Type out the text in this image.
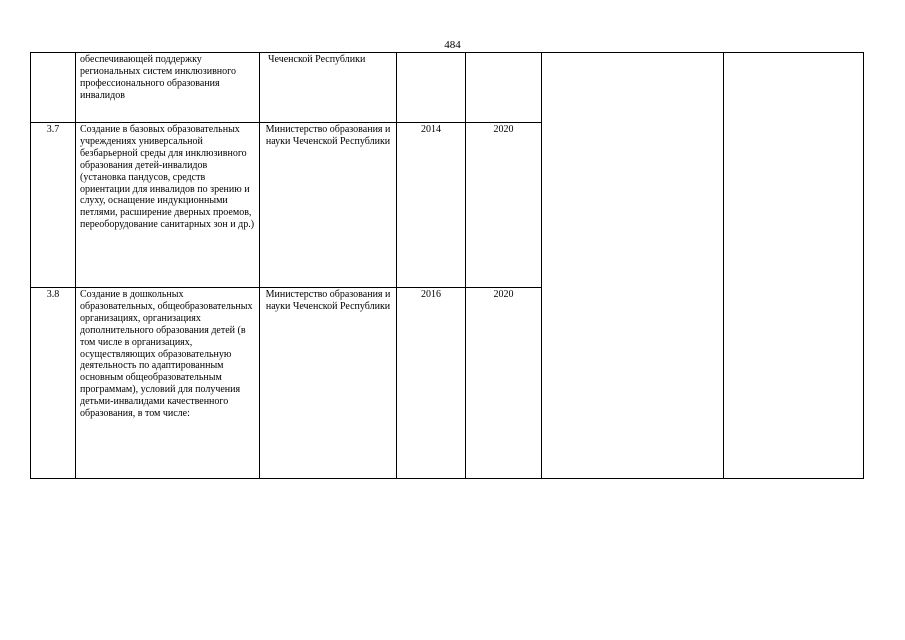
484

	обеспечивающей поддержку региональных систем инклюзивного профессионального образования инвалидов	Чеченской Республики				

3.7	Создание в базовых образовательных учреждениях универсальной безбарьерной среды для инклюзивного образования детей-инвалидов (установка пандусов, средств ориентации для инвалидов по зрению и слуху, оснащение индукционными петлями, расширение дверных проемов, переоборудование санитарных зон и др.)	Министерство образования и науки Чеченской Республики	2014	2020		
3.8	Создание в дошкольных образовательных, общеобразовательных организациях, организациях дополнительного образования детей (в том числе в организациях, осуществляющих образовательную деятельность по адаптированным основным общеобразовательным программам), условий для получения детьми-инвалидами качественного образования, в том числе:	Министерство образования и науки Чеченской Республики	2016	2020		
